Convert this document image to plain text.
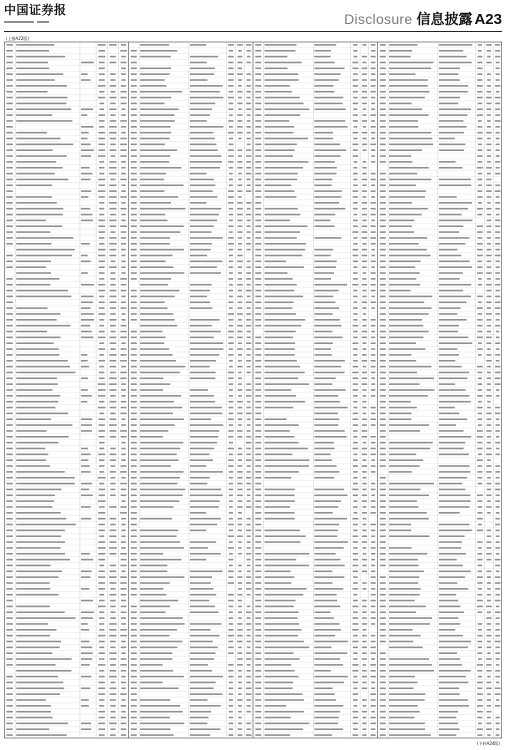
中国证券报
Disclosure 信息披露 A23
(上接A22版)
(下转A24版)
